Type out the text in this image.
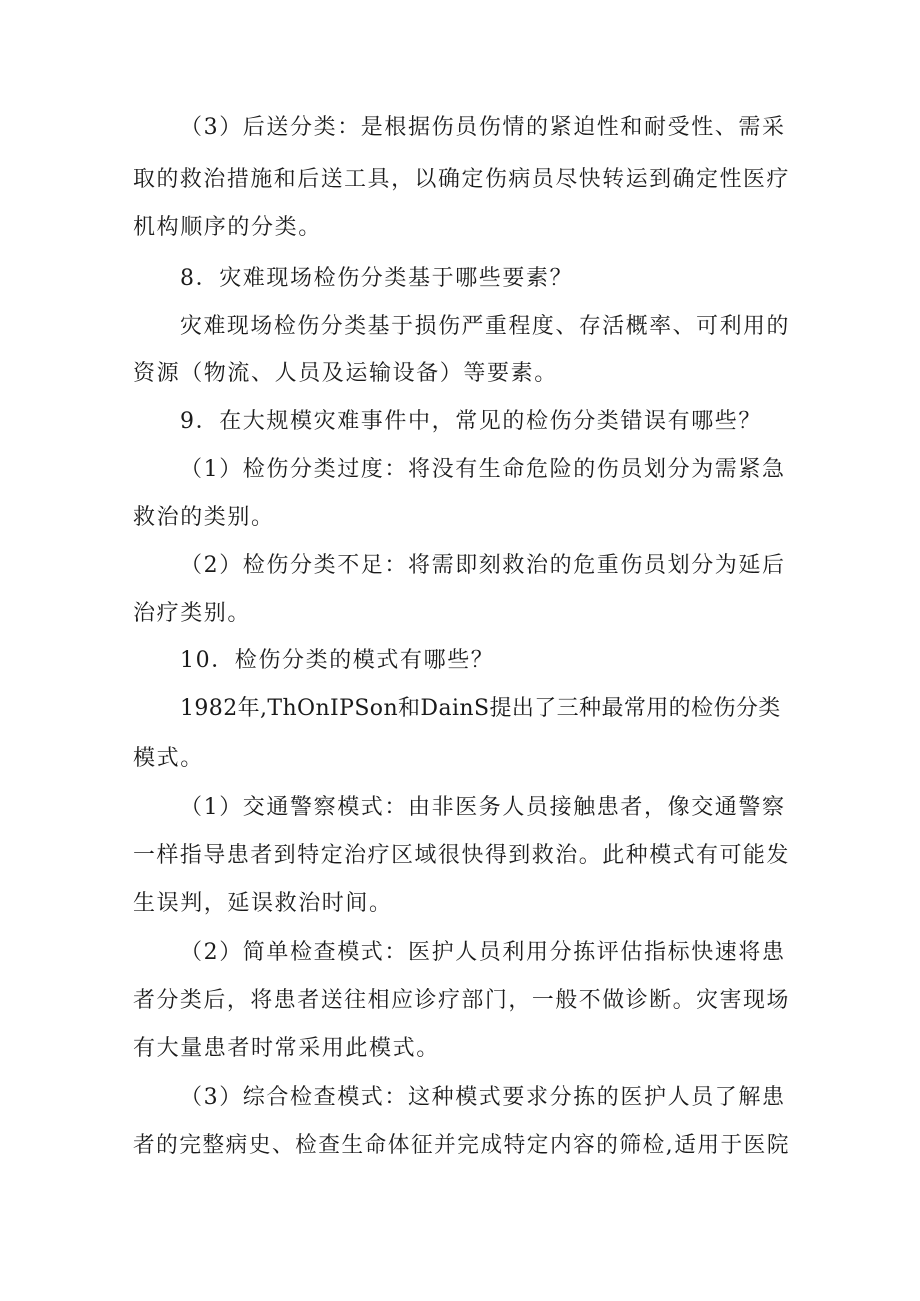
（3）后送分类：是根据伤员伤情的紧迫性和耐受性、需采
取的救治措施和后送工具，以确定伤病员尽快转运到确定性医疗
机构顺序的分类。
8．灾难现场检伤分类基于哪些要素？
灾难现场检伤分类基于损伤严重程度、存活概率、可利用的
资源（物流、人员及运输设备）等要素。
9．在大规模灾难事件中，常见的检伤分类错误有哪些？
（1）检伤分类过度：将没有生命危险的伤员划分为需紧急
救治的类别。
（2）检伤分类不足：将需即刻救治的危重伤员划分为延后
治疗类别。
10．检伤分类的模式有哪些？
1982年,ThOnIPSon和DainS提出了三种最常用的检伤分类
模式。
（1）交通警察模式：由非医务人员接触患者，像交通警察
一样指导患者到特定治疗区域很快得到救治。此种模式有可能发
生误判，延误救治时间。
（2）简单检查模式：医护人员利用分拣评估指标快速将患
者分类后，将患者送往相应诊疗部门，一般不做诊断。灾害现场
有大量患者时常采用此模式。
（3）综合检查模式：这种模式要求分拣的医护人员了解患
者的完整病史、检查生命体征并完成特定内容的筛检,适用于医院
